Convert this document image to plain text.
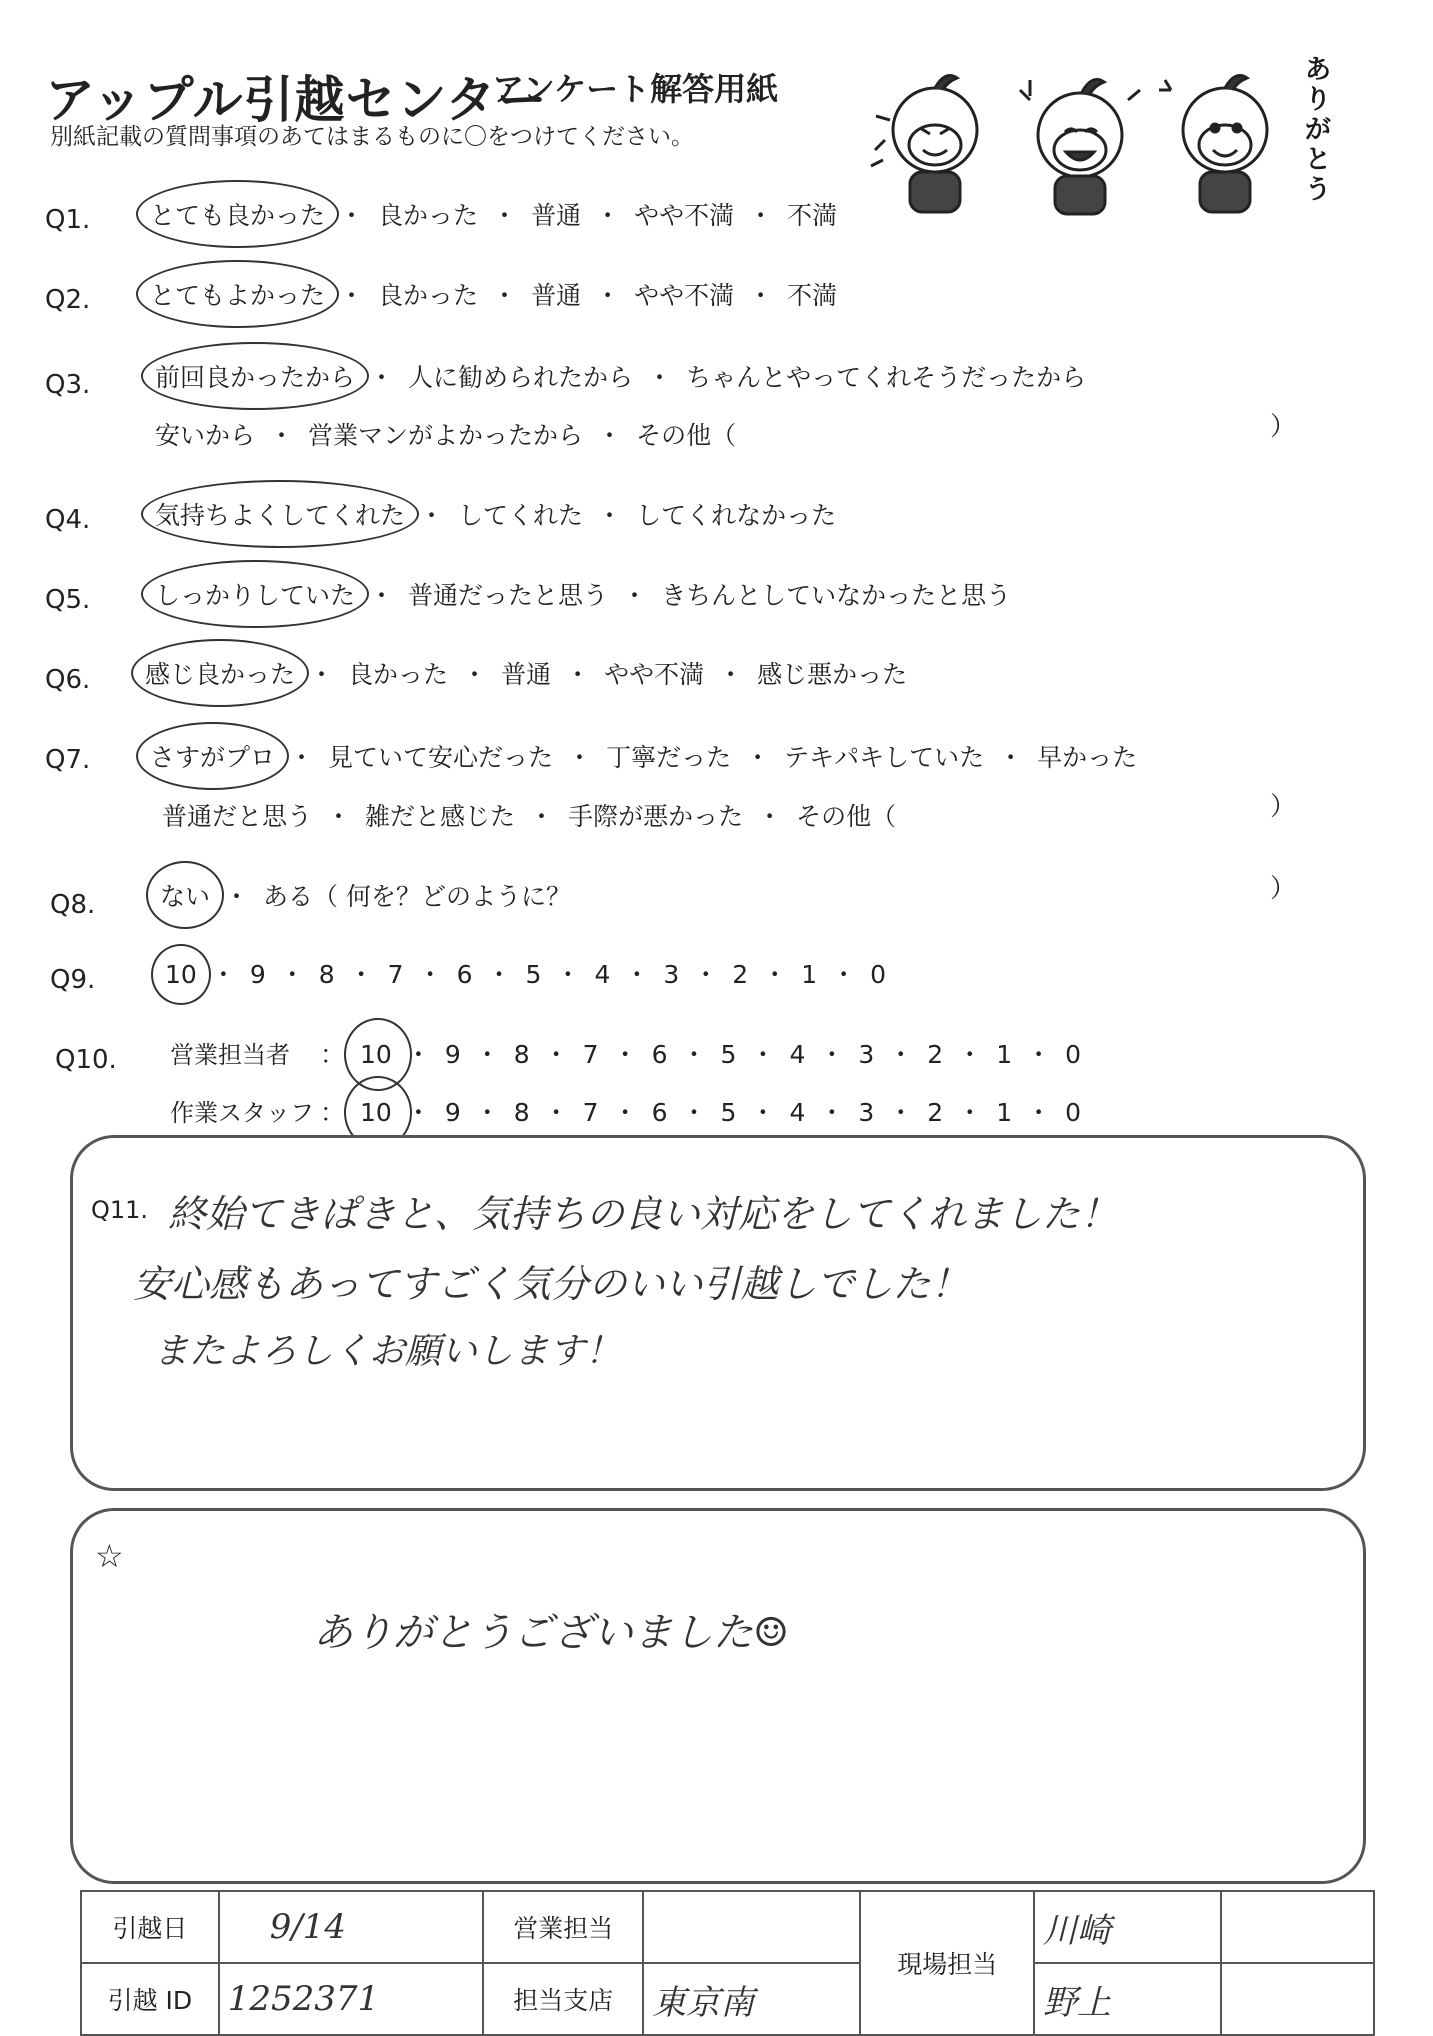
アップル引越センター
アンケート解答用紙
別紙記載の質問事項のあてはまるものに〇をつけてください。
ありがとう
Q1. とても良かった ・ 良かった ・ 普通 ・ やや不満 ・ 不満
Q2. とてもよかった ・ 良かった ・ 普通 ・ やや不満 ・ 不満
Q3.	前回良かったから ・ 人に勧められたから ・ ちゃんとやってくれそうだったから
安いから ・ 営業マンがよかったから ・ その他（	）
Q4.	気持ちよくしてくれた ・ してくれた ・ してくれなかった
Q5.	しっかりしていた ・ 普通だったと思う ・ きちんとしていなかったと思う
Q6. 感じ良かった ・ 良かった ・ 普通 ・ やや不満 ・ 感じ悪かった
Q7. さすがプロ ・ 見ていて安心だった ・ 丁寧だった ・ テキパキしていた ・ 早かった
普通だと思う ・ 雑だと感じた ・ 手際が悪かった ・ その他（	）
Q8.	ない ・ ある（ 何を？どのように？	）
Q9.	10 ・ 9 ・ 8 ・ 7 ・ 6 ・ 5 ・ 4 ・ 3 ・ 2 ・ 1 ・ 0
Q10. 営業担当者 ： 10 ・ 9 ・ 8 ・ 7 ・ 6 ・ 5 ・ 4 ・ 3 ・ 2 ・ 1 ・ 0
作業スタッフ ： 10 ・ 9 ・ 8 ・ 7 ・ 6 ・ 5 ・ 4 ・ 3 ・ 2 ・ 1 ・ 0
Q11. 終始てきぱきと、気持ちの良い対応をしてくれました！
安心感もあってすごく気分のいい引越しでした！
またよろしくお願いします！
☆
ありがとうございました☺
引越日	9/14	営業担当		現場担当	川崎	
引越 ID	1252371	担当支店	東京南		野上	
